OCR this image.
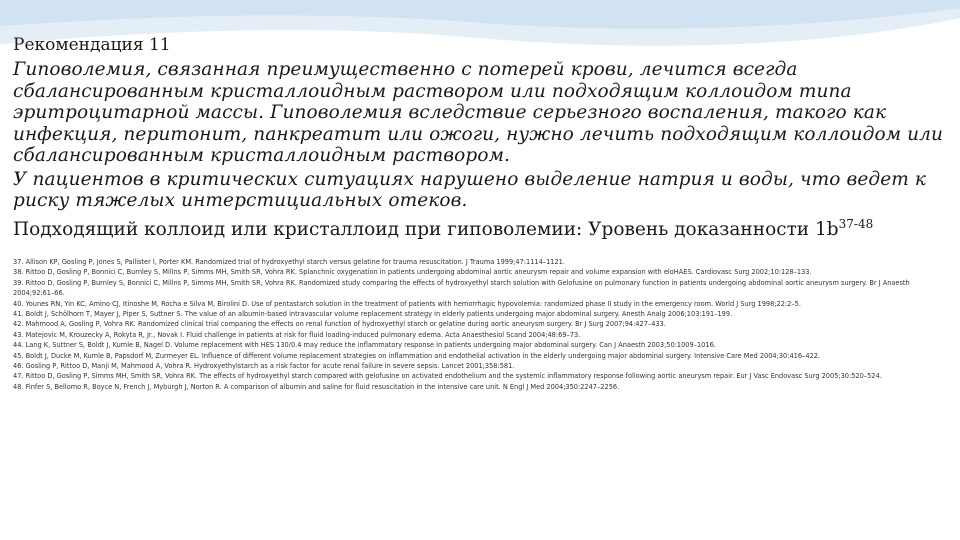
Рекомендация 11

Гиповолемия, связанная преимущественно с потерей крови, лечится всегда сбалансированным кристаллоидным раствором или подходящим коллоидом типа эритроцитарной массы. Гиповолемия вследствие серьезного воспаления, такого как инфекция, перитонит, панкреатит или ожоги, нужно лечить подходящим коллоидом или сбалансированным кристаллоидным раствором.

У пациентов в критических ситуациях нарушено выделение натрия и воды, что ведет к риску тяжелых интерстициальных отеков.

Подходящий коллоид или кристаллоид при гиповолемии: Уровень доказанности $1b^{37-48}$

37. Allison KP, Gosling P, Jones S, Pallister I, Porter KM. Randomized trial of hydroxyethyl starch versus gelatine for trauma resuscitation. J Trauma 1999;47:1114–1121.

38. Rittoo D, Gosling P, Bonnici C, Burnley S, Millns P, Simms MH, Smith SR, Vohra RK. Splanchnic oxygenation in patients undergoing abdominal aortic aneurysm repair and volume expansion with eloHAES. Cardiovasc Surg 2002;10:128–133.

39. Rittoo D, Gosling P, Burnley S, Bonnici C, Millns P, Simms MH, Smith SR, Vohra RK. Randomized study comparing the effects of hydroxyethyl starch solution with Gelofusine on pulmonary function in patients undergoing abdominal aortic aneurysm surgery. Br J Anaesth 2004;92:61–66.

40. Younes RN, Yin KC, Amino CJ, Itinoshe M, Rocha e Silva M, Birolini D. Use of pentastarch solution in the treatment of patients with hemorrhagic hypovolemia: randomized phase II study in the emergency room. World J Surg 1998;22:2–5.

41. Boldt J, Schölhorn T, Mayer J, Piper S, Suttner S. The value of an albumin-based intravascular volume replacement strategy in elderly patients undergoing major abdominal surgery. Anesth Analg 2006;103:191–199.

42. Mahmood A, Gosling P, Vohra RK. Randomized clinical trial comparing the effects on renal function of hydroxyethyl starch or gelatine during aortic aneurysm surgery. Br J Surg 2007;94:427–433.

43. Matejovic M, Krouzecky A, Rokyta R, Jr., Novak I. Fluid challenge in patients at risk for fluid loading-induced pulmonary edema. Acta Anaesthesiol Scand 2004;48:69–73.

44. Lang K, Suttner S, Boldt J, Kumle B, Nagel D. Volume replacement with HES 130/0.4 may reduce the inflammatory response in patients undergoing major abdominal surgery. Can J Anaesth 2003;50:1009–1016.

45. Boldt J, Ducke M, Kumle B, Papsdorf M, Zurmeyer EL. Influence of different volume replacement strategies on inflammation and endothelial activation in the elderly undergoing major abdominal surgery. Intensive Care Med 2004;30:416–422.

46. Gosling P, Rittoo D, Manji M, Mahmood A, Vohra R. Hydroxyethylstarch as a risk factor for acute renal failure in severe sepsis. Lancet 2001;358:581.

47. Rittoo D, Gosling P, Simms MH, Smith SR, Vohra RK. The effects of hydroxyethyl starch compared with gelofusine on activated endothelium and the systemic inflammatory response following aortic aneurysm repair. Eur J Vasc Endovasc Surg 2005;30:520–524.

48. Finfer S, Bellomo R, Boyce N, French J, Myburgh J, Norton R. A comparison of albumin and saline for fluid resuscitation in the intensive care unit. N Engl J Med 2004;350:2247–2256.
